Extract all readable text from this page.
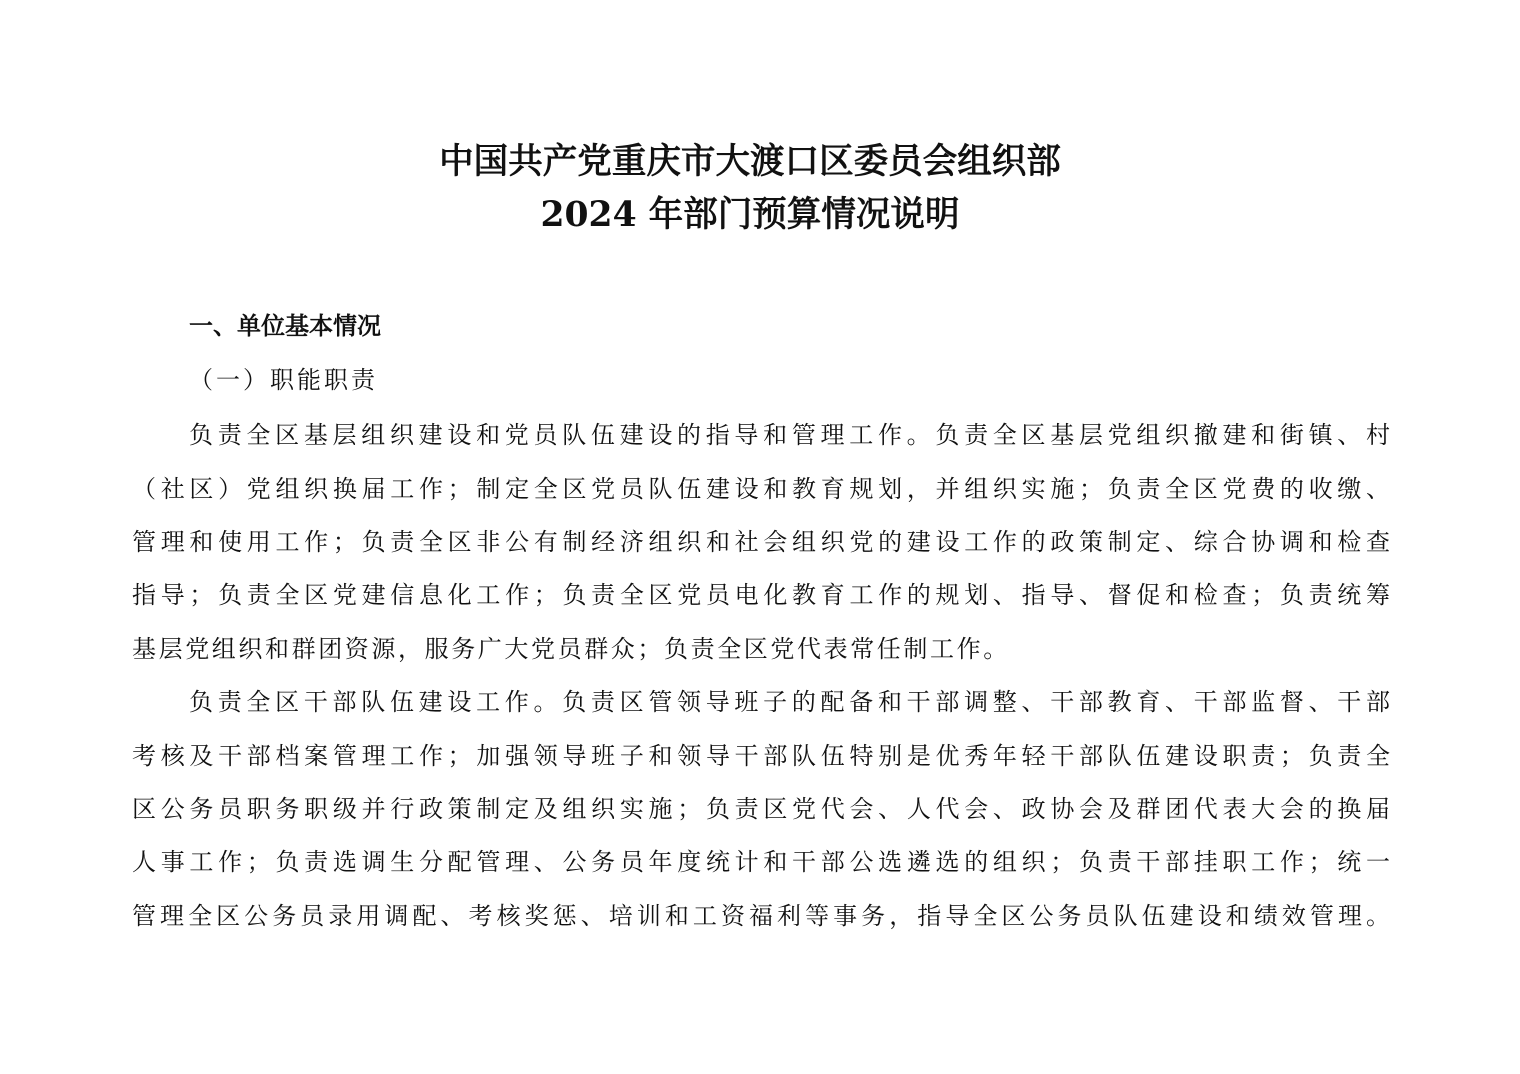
中国共产党重庆市大渡口区委员会组织部
2024 年部门预算情况说明
一、单位基本情况
（一）职能职责
负责全区基层组织建设和党员队伍建设的指导和管理工作。负责全区基层党组织撤建和街镇、村
（社区）党组织换届工作；制定全区党员队伍建设和教育规划，并组织实施；负责全区党费的收缴、
管理和使用工作；负责全区非公有制经济组织和社会组织党的建设工作的政策制定、综合协调和检查
指导；负责全区党建信息化工作；负责全区党员电化教育工作的规划、指导、督促和检查；负责统筹
基层党组织和群团资源，服务广大党员群众；负责全区党代表常任制工作。
负责全区干部队伍建设工作。负责区管领导班子的配备和干部调整、干部教育、干部监督、干部
考核及干部档案管理工作；加强领导班子和领导干部队伍特别是优秀年轻干部队伍建设职责；负责全
区公务员职务职级并行政策制定及组织实施；负责区党代会、人代会、政协会及群团代表大会的换届
人事工作；负责选调生分配管理、公务员年度统计和干部公选遴选的组织；负责干部挂职工作；统一
管理全区公务员录用调配、考核奖惩、培训和工资福利等事务，指导全区公务员队伍建设和绩效管理。
